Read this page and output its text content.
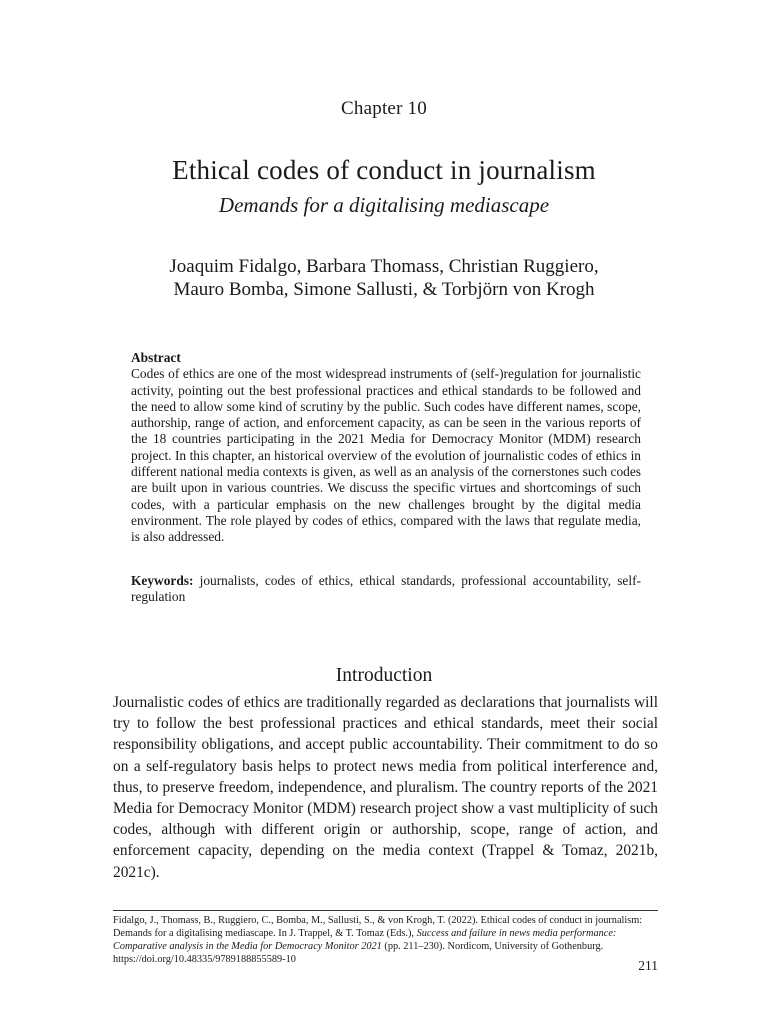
Chapter 10
Ethical codes of conduct in journalism
Demands for a digitalising mediascape
Joaquim Fidalgo, Barbara Thomass, Christian Ruggiero,
Mauro Bomba, Simone Sallusti, & Torbjörn von Krogh
Abstract
Codes of ethics are one of the most widespread instruments of (self-)regulation for journalistic activity, pointing out the best professional practices and ethical standards to be followed and the need to allow some kind of scrutiny by the public. Such codes have different names, scope, authorship, range of action, and enforcement capacity, as can be seen in the various reports of the 18 countries participating in the 2021 Media for Democracy Monitor (MDM) research project. In this chapter, an historical overview of the evolution of journalistic codes of ethics in different national media contexts is given, as well as an analysis of the cornerstones such codes are built upon in various countries. We discuss the specific virtues and shortcomings of such codes, with a particular emphasis on the new challenges brought by the digital media environment. The role played by codes of ethics, compared with the laws that regulate media, is also addressed.
Keywords: journalists, codes of ethics, ethical standards, professional accountability, self-regulation
Introduction
Journalistic codes of ethics are traditionally regarded as declarations that journalists will try to follow the best professional practices and ethical standards, meet their social responsibility obligations, and accept public accountability. Their commitment to do so on a self-regulatory basis helps to protect news media from political interference and, thus, to preserve freedom, independence, and pluralism. The country reports of the 2021 Media for Democracy Monitor (MDM) research project show a vast multiplicity of such codes, although with different origin or authorship, scope, range of action, and enforcement capacity, depending on the media context (Trappel & Tomaz, 2021b, 2021c).
Fidalgo, J., Thomass, B., Ruggiero, C., Bomba, M., Sallusti, S., & von Krogh, T. (2022). Ethical codes of conduct in journalism: Demands for a digitalising mediascape. In J. Trappel, & T. Tomaz (Eds.), Success and failure in news media performance: Comparative analysis in the Media for Democracy Monitor 2021 (pp. 211–230). Nordicom, University of Gothenburg. https://doi.org/10.48335/9789188855589-10	211
